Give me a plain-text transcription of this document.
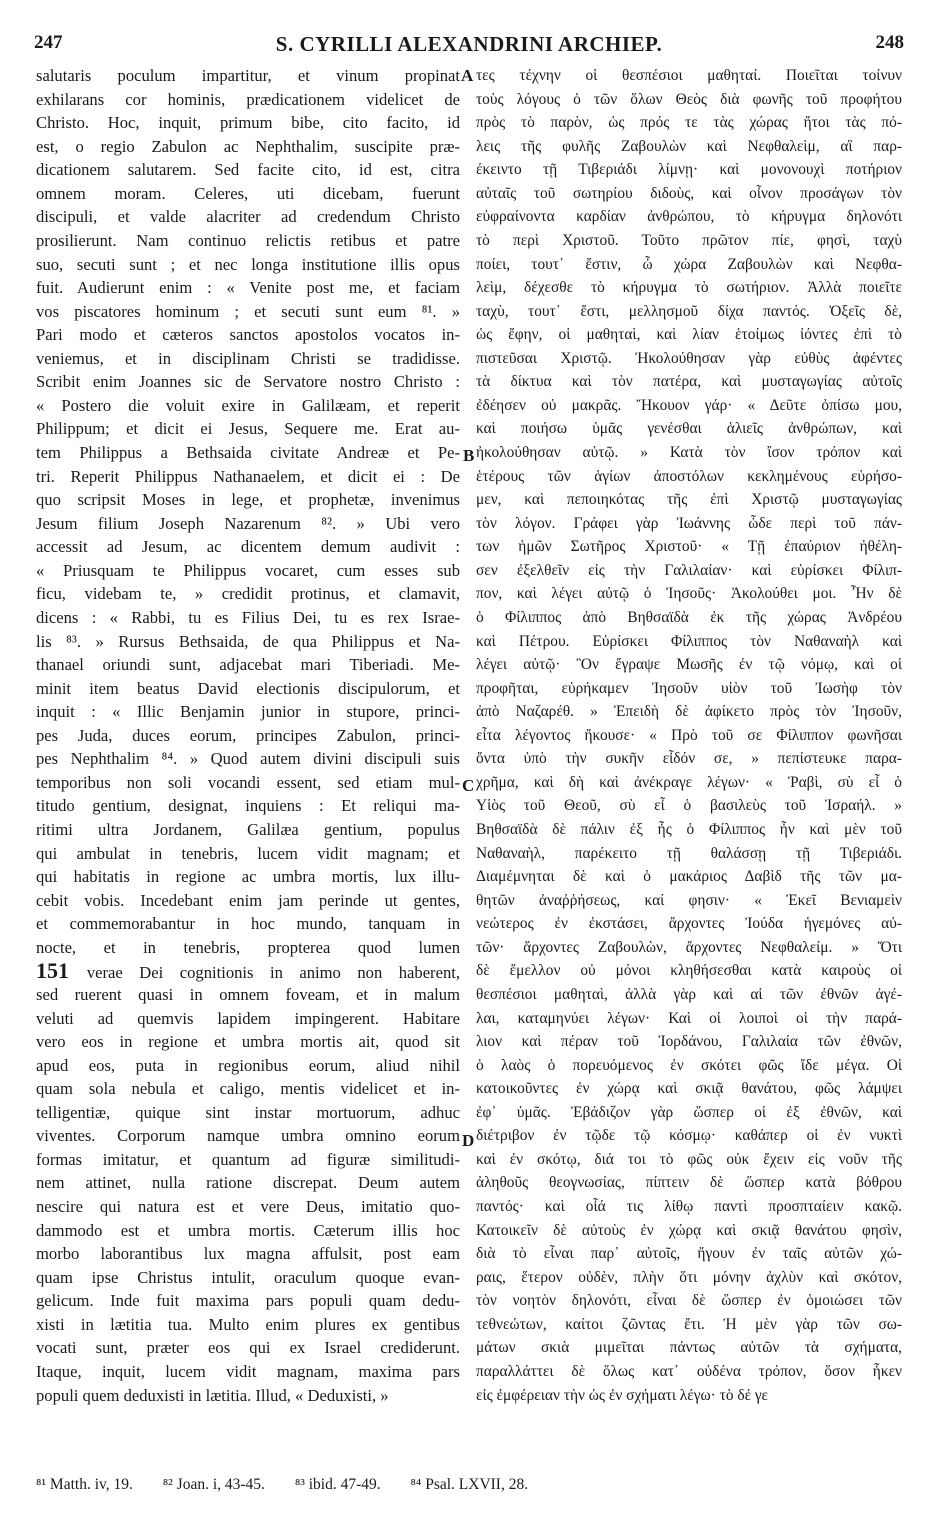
247	S. CYRILLI ALEXANDRINI ARCHIEP.	248
salutaris poculum impartitur, et vinum propinat
exhilarans cor hominis, prædicationem videlicet de
Christo. Hoc, inquit, primum bibe, cito facito, id
est, o regio Zabulon ac Nephthalim, suscipite præ-
dicationem salutarem. Sed facite cito, id est, citra
omnem moram. Celeres, uti dicebam, fuerunt
discipuli, et valde alacriter ad credendum Christo
prosilierunt. Nam continuo relictis retibus et patre
suo, secuti sunt ; et nec longa institutione illis opus
fuit. Audierunt enim : « Venite post me, et faciam
vos piscatores hominum ; et secuti sunt eum ⁸¹. »
Pari modo et cæteros sanctos apostolos vocatos in-
veniemus, et in disciplinam Christi se tradidisse.
Scribit enim Joannes sic de Servatore nostro Christo :
« Postero die voluit exire in Galilæam, et reperit
Philippum; et dicit ei Jesus, Sequere me. Erat au-
tem Philippus a Bethsaida civitate Andreæ et Pe-
tri. Reperit Philippus Nathanaelem, et dicit ei : De
quo scripsit Moses in lege, et prophetæ, invenimus
Jesum filium Joseph Nazarenum ⁸². » Ubi vero
accessit ad Jesum, ac dicentem demum audivit :
« Priusquam te Philippus vocaret, cum esses sub
ficu, videbam te, » credidit protinus, et clamavit,
dicens : « Rabbi, tu es Filius Dei, tu es rex Israe-
lis ⁸³. » Rursus Bethsaida, de qua Philippus et Na-
thanael oriundi sunt, adjacebat mari Tiberiadi. Me-
minit item beatus David electionis discipulorum, et
inquit : « Illic Benjamin junior in stupore, princi-
pes Juda, duces eorum, principes Zabulon, princi-
pes Nephthalim ⁸⁴. » Quod autem divini discipuli suis
temporibus non soli vocandi essent, sed etiam mul-
titudo gentium, designat, inquiens : Et reliqui ma-
ritimi ultra Jordanem, Galilæa gentium, populus
qui ambulat in tenebris, lucem vidit magnam; et
qui habitatis in regione ac umbra mortis, lux illu-
cebit vobis. Incedebant enim jam perinde ut gentes,
et commemorabantur in hoc mundo, tanquam in
nocte, et in tenebris, propterea quod lumen
151 verae Dei cognitionis in animo non haberent,
sed ruerent quasi in omnem foveam, et in malum
veluti ad quemvis lapidem impingerent. Habitare
vero eos in regione et umbra mortis ait, quod sit
apud eos, puta in regionibus eorum, aliud nihil
quam sola nebula et caligo, mentis videlicet et in-
telligentiæ, quique sint instar mortuorum, adhuc
viventes. Corporum namque umbra omnino eorum
formas imitatur, et quantum ad figuræ similitudi-
nem attinet, nulla ratione discrepat. Deum autem
nescire qui natura est et vere Deus, imitatio quo-
dammodo est et umbra mortis. Cæterum illis hoc
morbo laborantibus lux magna affulsit, post eam
quam ipse Christus intulit, oraculum quoque evan-
gelicum. Inde fuit maxima pars populi quam dedu-
xisti in lætitia tua. Multo enim plures ex gentibus
vocati sunt, præter eos qui ex Israel crediderunt.
Itaque, inquit, lucem vidit magnam, maxima pars
populi quem deduxisti in lætitia. Illud, « Deduxisti, »
τες τέχνην οἱ θεσπέσιοι μαθηταί. Ποιεῖται τοίνυν
τοὺς λόγους ὁ τῶν ὅλων Θεὸς διὰ φωνῆς τοῦ προφήτου
πρὸς τὸ παρὸν, ὡς πρός τε τὰς χώρας ἤτοι τὰς πό-
λεις τῆς φυλῆς Ζαβουλὼν καὶ Νεφθαλεὶμ, αἳ παρ-
έκειντο τῇ Τιβεριάδι λίμνῃ· καὶ μονονουχὶ ποτήριον
αὐταῖς τοῦ σωτηρίου διδοὺς, καὶ οἶνον προσάγων τὸν
εὐφραίνοντα καρδίαν ἀνθρώπου, τὸ κήρυγμα δηλονότι
τὸ περὶ Χριστοῦ. Τοῦτο πρῶτον πίε, φησὶ, ταχὺ
ποίει, τουτ᾽ ἔστιν, ὦ χώρα Ζαβουλὼν καὶ Νεφθα-
λεὶμ, δέχεσθε τὸ κήρυγμα τὸ σωτήριον. Ἀλλὰ ποιεῖτε
ταχὺ, τουτ᾽ ἔστι, μελλησμοῦ δίχα παντός. Ὀξεῖς δὲ,
ὡς ἔφην, οἱ μαθηταὶ, καὶ λίαν ἑτοίμως ἰόντες ἐπὶ τὸ
πιστεῦσαι Χριστῷ. Ἠκολούθησαν γὰρ εὐθὺς ἀφέντες
τὰ δίκτυα καὶ τὸν πατέρα, καὶ μυσταγωγίας αὐτοῖς
ἐδέησεν οὐ μακρᾶς. Ἤκουον γάρ· « Δεῦτε ὀπίσω μου,
καὶ ποιήσω ὑμᾶς γενέσθαι ἁλιεῖς ἀνθρώπων, καὶ
ἠκολούθησαν αὐτῷ. » Κατὰ τὸν ἴσον τρόπον καὶ
ἑτέρους τῶν ἁγίων ἀποστόλων κεκλημένους εὑρήσο-
μεν, καὶ πεποιηκότας τῆς ἐπὶ Χριστῷ μυσταγωγίας
τὸν λόγον. Γράφει γὰρ Ἰωάννης ὧδε περὶ τοῦ πάν-
των ἡμῶν Σωτῆρος Χριστοῦ· « Τῇ ἐπαύριον ἠθέλη-
σεν ἐξελθεῖν εἰς τὴν Γαλιλαίαν· καὶ εὑρίσκει Φίλιπ-
πον, καὶ λέγει αὐτῷ ὁ Ἰησοῦς· Ἀκολούθει μοι. Ἦν δὲ
ὁ Φίλιππος ἀπὸ Βηθσαϊδὰ ἐκ τῆς χώρας Ἀνδρέου
καὶ Πέτρου. Εὑρίσκει Φίλιππος τὸν Ναθαναὴλ καὶ
λέγει αὐτῷ· Ὃν ἔγραψε Μωσῆς ἐν τῷ νόμῳ, καὶ οἱ
προφῆται, εὑρήκαμεν Ἰησοῦν υἱὸν τοῦ Ἰωσὴφ τὸν
ἀπὸ Ναζαρέθ. » Ἐπειδὴ δὲ ἀφίκετο πρὸς τὸν Ἰησοῦν,
εἶτα λέγοντος ἤκουσε· « Πρὸ τοῦ σε Φίλιππον φωνῆσαι
ὄντα ὑπὸ τὴν συκῆν εἶδόν σε, » πεπίστευκε παρα-
χρῆμα, καὶ δὴ καὶ ἀνέκραγε λέγων· « Ῥαβὶ, σὺ εἶ ὁ
Υἱὸς τοῦ Θεοῦ, σὺ εἶ ὁ βασιλεὺς τοῦ Ἰσραήλ. »
Βηθσαϊδὰ δὲ πάλιν ἐξ ἧς ὁ Φίλιππος ἦν καὶ μὲν τοῦ
Ναθαναὴλ, παρέκειτο τῇ θαλάσσῃ τῇ Τιβεριάδι.
Διαμέμνηται δὲ καὶ ὁ μακάριος Δαβὶδ τῆς τῶν μα-
θητῶν ἀναῤῥήσεως, καί φησιν· « Ἐκεῖ Βενιαμεὶν
νεώτερος ἐν ἐκστάσει, ἄρχοντες Ἰούδα ἡγεμόνες αὐ-
τῶν· ἄρχοντες Ζαβουλὼν, ἄρχοντες Νεφθαλείμ. » Ὅτι
δὲ ἔμελλον οὐ μόνοι κληθήσεσθαι κατὰ καιροὺς οἱ
θεσπέσιοι μαθηταὶ, ἀλλὰ γὰρ καὶ αἱ τῶν ἐθνῶν ἀγέ-
λαι, καταμηνύει λέγων· Καὶ οἱ λοιποὶ οἱ τὴν παρά-
λιον καὶ πέραν τοῦ Ἰορδάνου, Γαλιλαία τῶν ἐθνῶν,
ὁ λαὸς ὁ πορευόμενος ἐν σκότει φῶς ἴδε μέγα. Οἱ
κατοικοῦντες ἐν χώρᾳ καὶ σκιᾷ θανάτου, φῶς λάμψει
ἐφ᾽ ὑμᾶς. Ἐβάδιζον γὰρ ὥσπερ οἱ ἐξ ἐθνῶν, καὶ
διέτριβον ἐν τῷδε τῷ κόσμῳ· καθάπερ οἱ ἐν νυκτὶ
καὶ ἐν σκότῳ, διά τοι τὸ φῶς οὐκ ἔχειν εἰς νοῦν τῆς
ἀληθοῦς θεογνωσίας, πίπτειν δὲ ὥσπερ κατὰ βόθρου
παντός· καὶ οἷά τις λίθῳ παντὶ προσπταίειν κακῷ.
Κατοικεῖν δὲ αὐτοὺς ἐν χώρᾳ καὶ σκιᾷ θανάτου φησὶν,
διὰ τὸ εἶναι παρ᾽ αὐτοῖς, ἤγουν ἐν ταῖς αὐτῶν χώ-
ραις, ἕτερον οὐδὲν, πλὴν ὅτι μόνην ἀχλὺν καὶ σκότον,
τὸν νοητὸν δηλονότι, εἶναι δὲ ὥσπερ ἐν ὁμοιώσει τῶν
τεθνεώτων, καίτοι ζῶντας ἔτι. Ἡ μὲν γὰρ τῶν σω-
μάτων σκιὰ μιμεῖται πάντως αὐτῶν τὰ σχήματα,
παραλλάττει δὲ ὅλως κατ᾽ οὐδένα τρόπον, ὅσον ἧκεν
εἰς ἐμφέρειαν τὴν ὡς ἐν σχήματι λέγω· τὸ δέ γε
A
B
C
D
⁸¹ Matth. iv, 19. ⁸² Joan. i, 43-45. ⁸³ ibid. 47-49. ⁸⁴ Psal. LXVII, 28.
